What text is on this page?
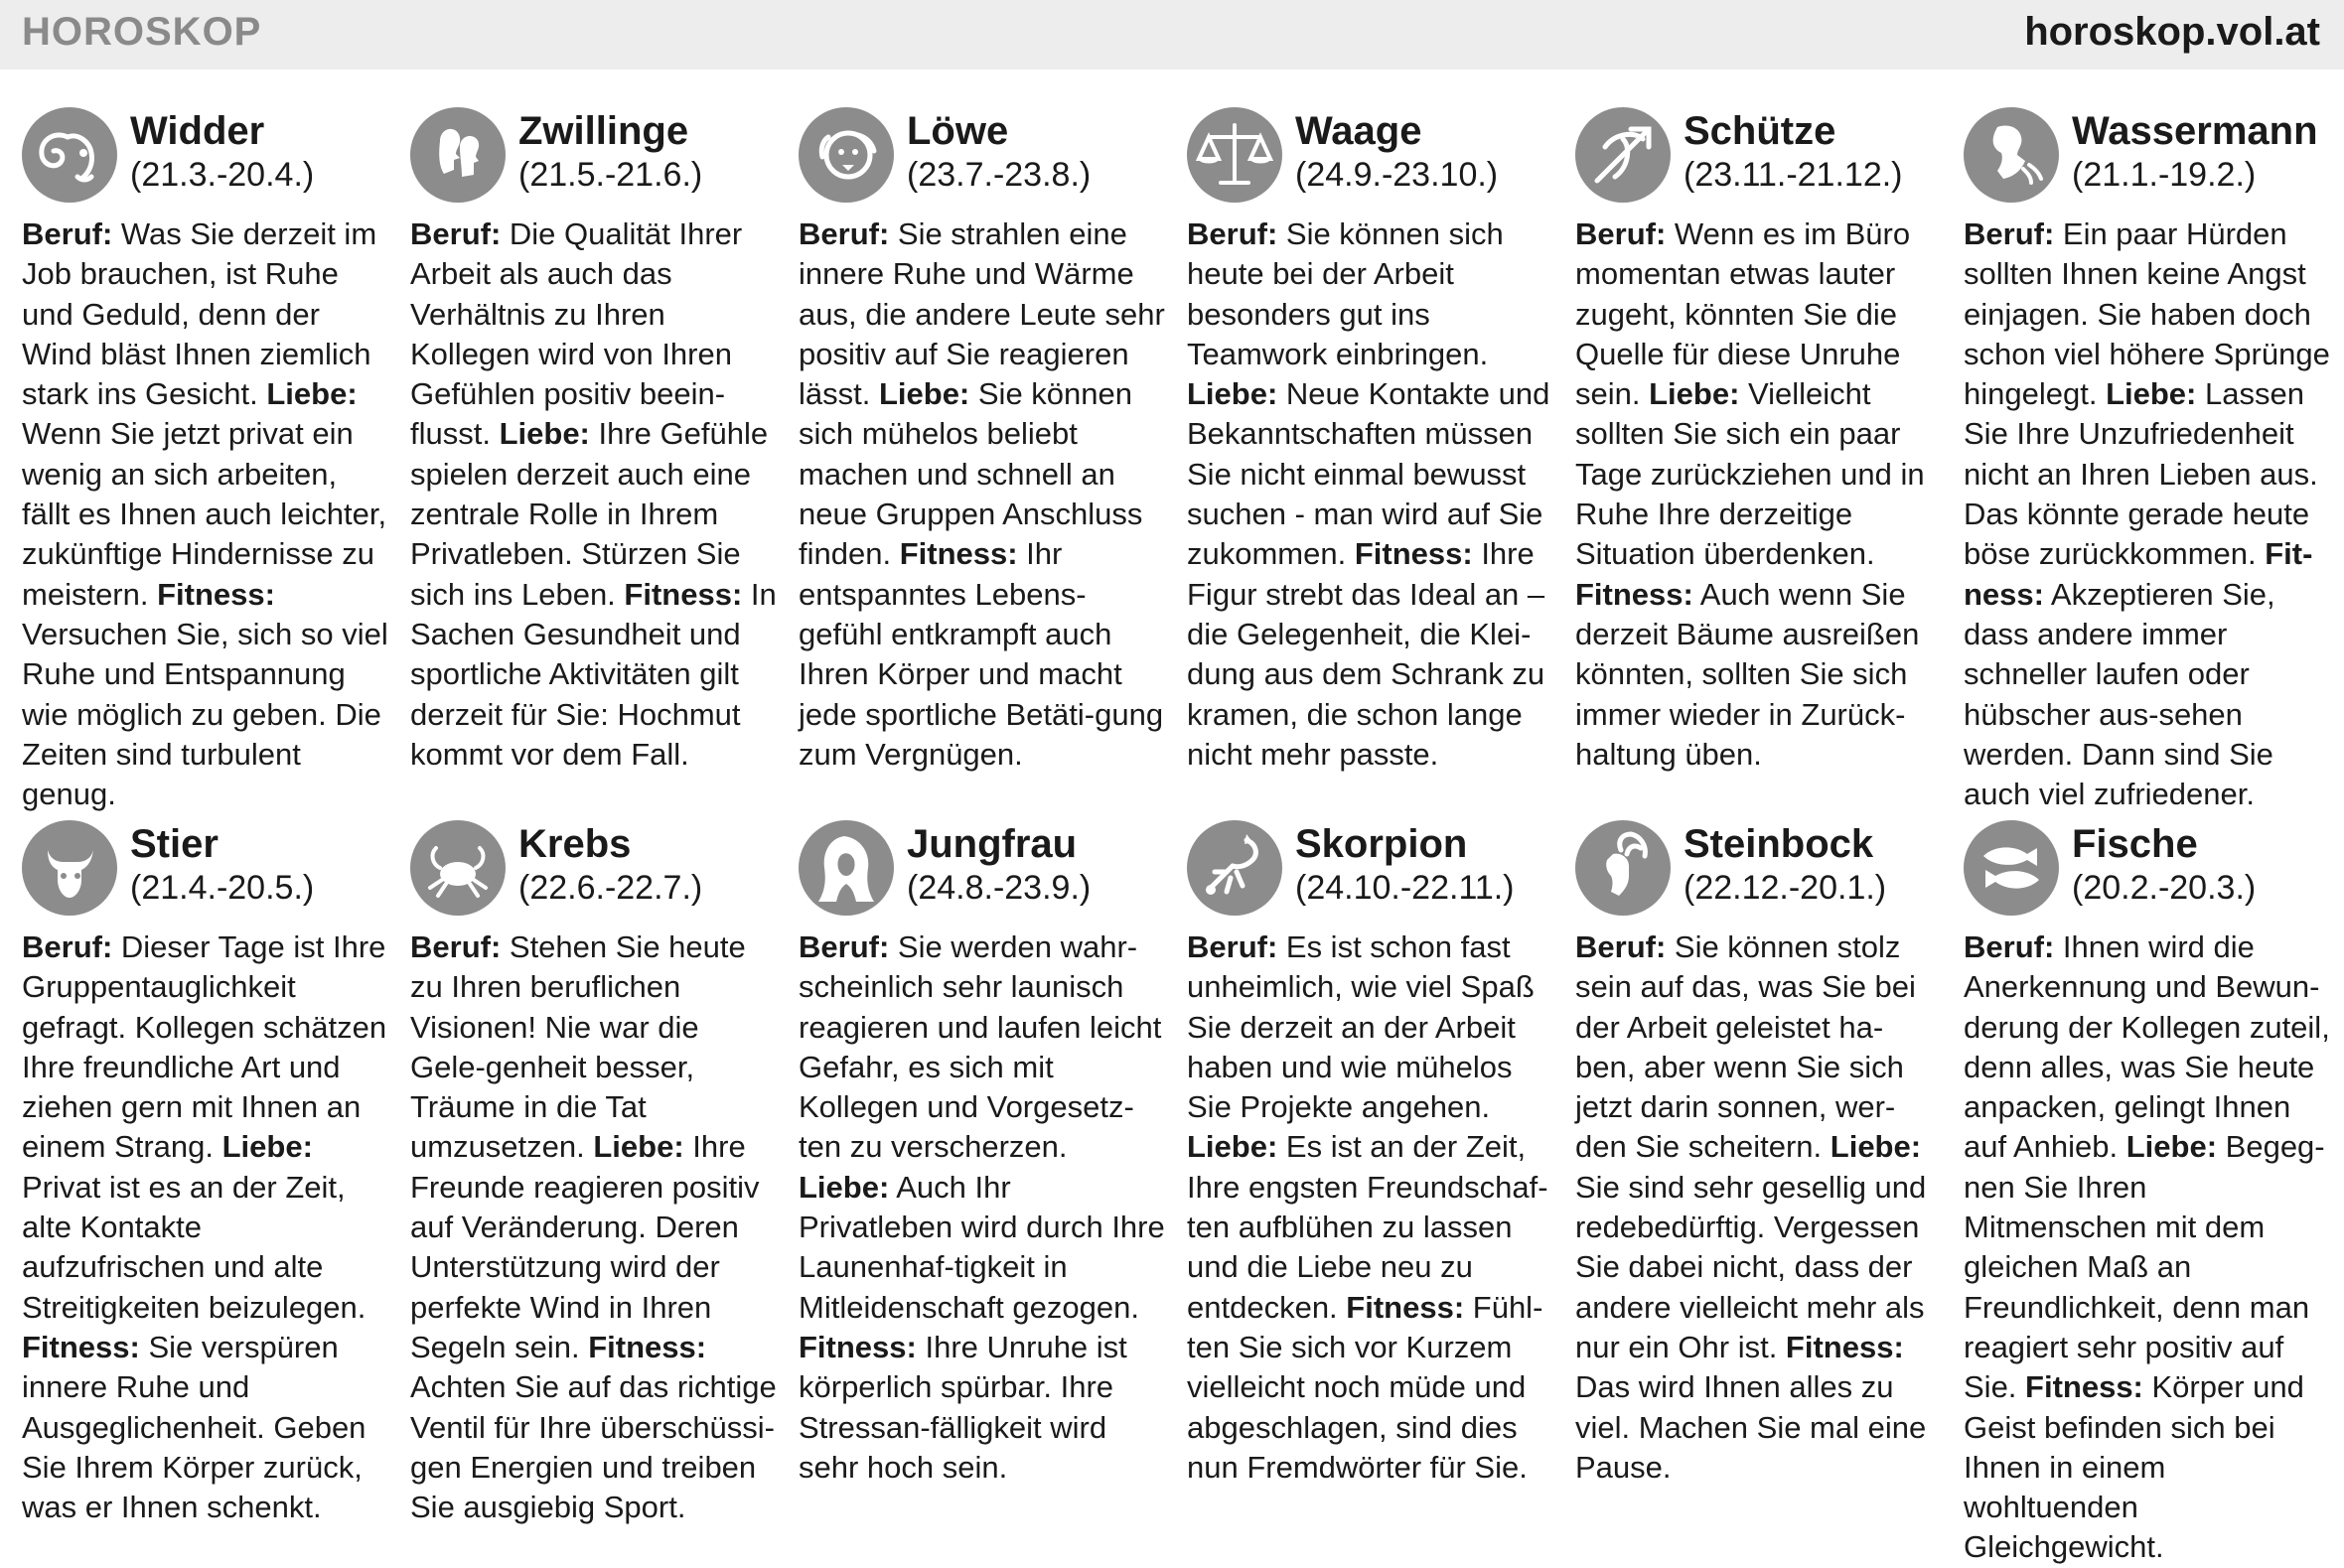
HOROSKOP	horoskop.vol.at
Widder
(21.3.-20.4.)
Beruf: Was Sie derzeit im Job brauchen, ist Ruhe und Geduld, denn der Wind bläst Ihnen ziemlich stark ins Gesicht. Liebe: Wenn Sie jetzt privat ein wenig an sich arbeiten, fällt es Ihnen auch leichter, zukünftige Hindernisse zu meistern. Fitness: Versuchen Sie, sich so viel Ruhe und Entspannung wie möglich zu geben. Die Zeiten sind turbulent genug.
Zwillinge
(21.5.-21.6.)
Beruf: Die Qualität Ihrer Arbeit als auch das Verhältnis zu Ihren Kollegen wird von Ihren Gefühlen positiv beein-flusst. Liebe: Ihre Gefühle spielen derzeit auch eine zentrale Rolle in Ihrem Privatleben. Stürzen Sie sich ins Leben. Fitness: In Sachen Gesundheit und sportliche Aktivitäten gilt derzeit für Sie: Hochmut kommt vor dem Fall.
Löwe
(23.7.-23.8.)
Beruf: Sie strahlen eine innere Ruhe und Wärme aus, die andere Leute sehr positiv auf Sie reagieren lässt. Liebe: Sie können sich mühelos beliebt machen und schnell an neue Gruppen Anschluss finden. Fitness: Ihr entspanntes Lebens-gefühl entkrampft auch Ihren Körper und macht jede sportliche Betäti-gung zum Vergnügen.
Waage
(24.9.-23.10.)
Beruf: Sie können sich heute bei der Arbeit besonders gut ins Teamwork einbringen. Liebe: Neue Kontakte und Bekanntschaften müssen Sie nicht einmal bewusst suchen - man wird auf Sie zukommen. Fitness: Ihre Figur strebt das Ideal an – die Gelegenheit, die Klei-dung aus dem Schrank zu kramen, die schon lange nicht mehr passte.
Schütze
(23.11.-21.12.)
Beruf: Wenn es im Büro momentan etwas lauter zugeht, könnten Sie die Quelle für diese Unruhe sein. Liebe: Vielleicht sollten Sie sich ein paar Tage zurückziehen und in Ruhe Ihre derzeitige Situation überdenken. Fitness: Auch wenn Sie derzeit Bäume ausreißen könnten, sollten Sie sich immer wieder in Zurück-haltung üben.
Wassermann
(21.1.-19.2.)
Beruf: Ein paar Hürden sollten Ihnen keine Angst einjagen. Sie haben doch schon viel höhere Sprünge hingelegt. Liebe: Lassen Sie Ihre Unzufriedenheit nicht an Ihren Lieben aus. Das könnte gerade heute böse zurückkommen. Fit-ness: Akzeptieren Sie, dass andere immer schneller laufen oder hübscher aus-sehen werden. Dann sind Sie auch viel zufriedener.
Stier
(21.4.-20.5.)
Beruf: Dieser Tage ist Ihre Gruppentauglichkeit gefragt. Kollegen schätzen Ihre freundliche Art und ziehen gern mit Ihnen an einem Strang. Liebe: Privat ist es an der Zeit, alte Kontakte aufzufrischen und alte Streitigkeiten beizulegen. Fitness: Sie verspüren innere Ruhe und Ausgeglichenheit. Geben Sie Ihrem Körper zurück, was er Ihnen schenkt.
Krebs
(22.6.-22.7.)
Beruf: Stehen Sie heute zu Ihren beruflichen Visionen! Nie war die Gele-genheit besser, Träume in die Tat umzusetzen. Liebe: Ihre Freunde reagieren positiv auf Veränderung. Deren Unterstützung wird der perfekte Wind in Ihren Segeln sein. Fitness: Achten Sie auf das richtige Ventil für Ihre überschüssi-gen Energien und treiben Sie ausgiebig Sport.
Jungfrau
(24.8.-23.9.)
Beruf: Sie werden wahr-scheinlich sehr launisch reagieren und laufen leicht Gefahr, es sich mit Kollegen und Vorgesetz-ten zu verscherzen. Liebe: Auch Ihr Privatleben wird durch Ihre Launenhaf-tigkeit in Mitleidenschaft gezogen. Fitness: Ihre Unruhe ist körperlich spürbar. Ihre Stressan-fälligkeit wird sehr hoch sein.
Skorpion
(24.10.-22.11.)
Beruf: Es ist schon fast unheimlich, wie viel Spaß Sie derzeit an der Arbeit haben und wie mühelos Sie Projekte angehen. Liebe: Es ist an der Zeit, Ihre engsten Freundschaf-ten aufblühen zu lassen und die Liebe neu zu entdecken. Fitness: Fühl-ten Sie sich vor Kurzem vielleicht noch müde und abgeschlagen, sind dies nun Fremdwörter für Sie.
Steinbock
(22.12.-20.1.)
Beruf: Sie können stolz sein auf das, was Sie bei der Arbeit geleistet ha-ben, aber wenn Sie sich jetzt darin sonnen, wer-den Sie scheitern. Liebe: Sie sind sehr gesellig und redebedürftig. Vergessen Sie dabei nicht, dass der andere vielleicht mehr als nur ein Ohr ist. Fitness: Das wird Ihnen alles zu viel. Machen Sie mal eine Pause.
Fische
(20.2.-20.3.)
Beruf: Ihnen wird die Anerkennung und Bewun-derung der Kollegen zuteil, denn alles, was Sie heute anpacken, gelingt Ihnen auf Anhieb. Liebe: Begeg-nen Sie Ihren Mitmenschen mit dem gleichen Maß an Freundlichkeit, denn man reagiert sehr positiv auf Sie. Fitness: Körper und Geist befinden sich bei Ihnen in einem wohltuenden Gleichgewicht.
